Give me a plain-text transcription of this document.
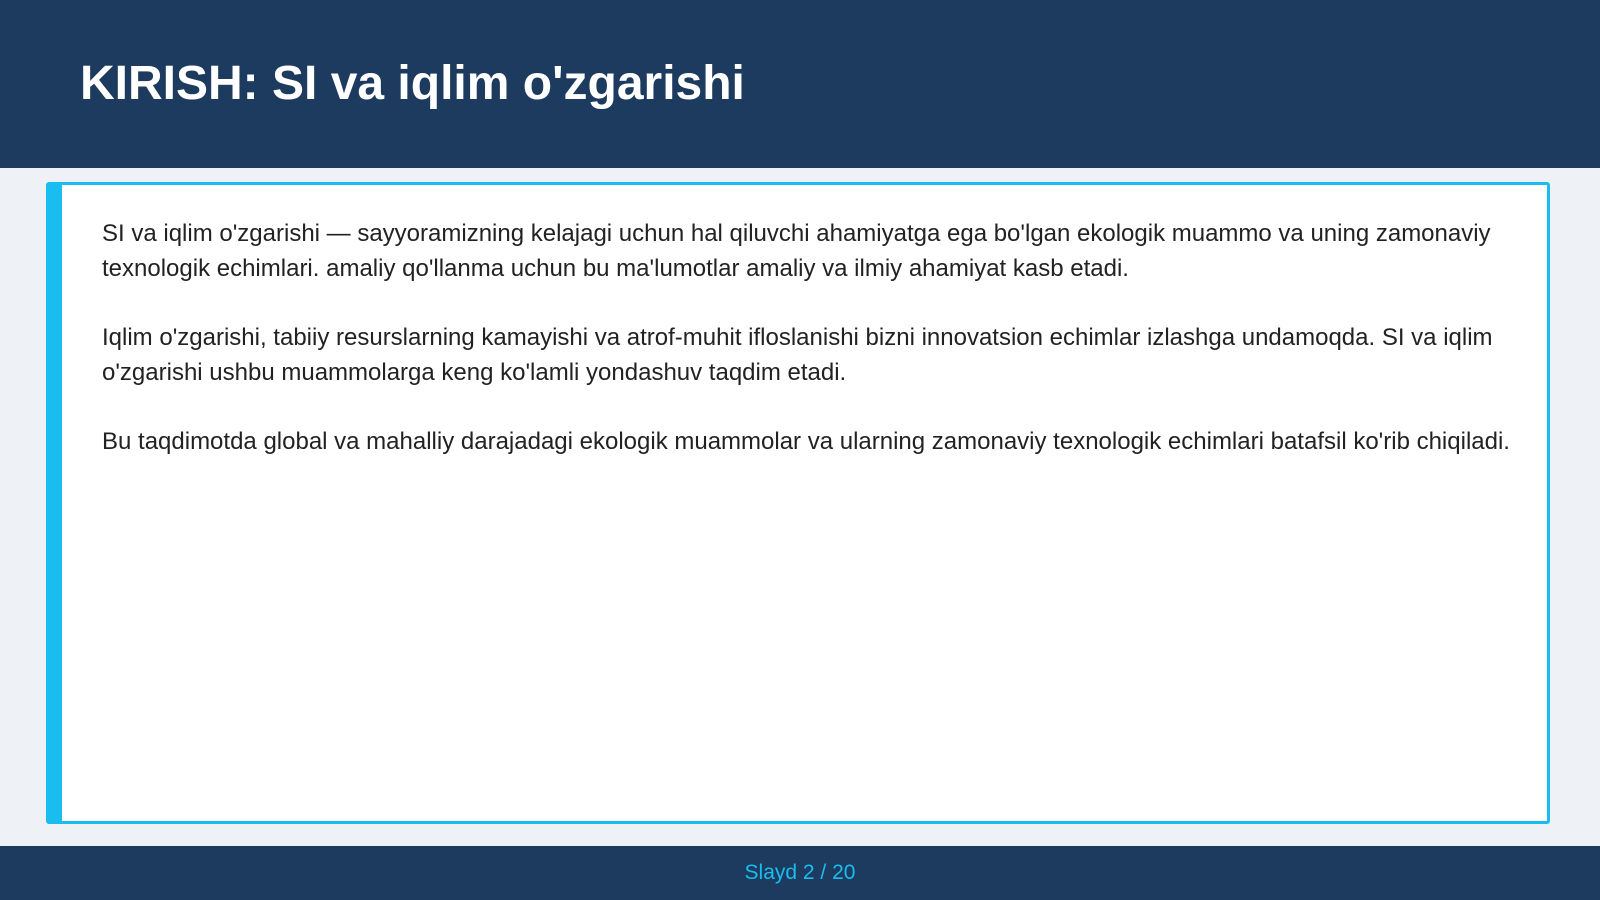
KIRISH: SI va iqlim o'zgarishi

SI va iqlim o'zgarishi — sayyoramizning kelajagi uchun hal qiluvchi ahamiyatga ega bo'lgan ekologik muammo va uning zamonaviy texnologik echimlari. amaliy qo'llanma uchun bu ma'lumotlar amaliy va ilmiy ahamiyat kasb etadi.

Iqlim o'zgarishi, tabiiy resurslarning kamayishi va atrof-muhit ifloslanishi bizni innovatsion echimlar izlashga undamoqda. SI va iqlim o'zgarishi ushbu muammolarga keng ko'lamli yondashuv taqdim etadi.

Bu taqdimotda global va mahalliy darajadagi ekologik muammolar va ularning zamonaviy texnologik echimlari batafsil ko'rib chiqiladi.

Slayd 2 / 20
